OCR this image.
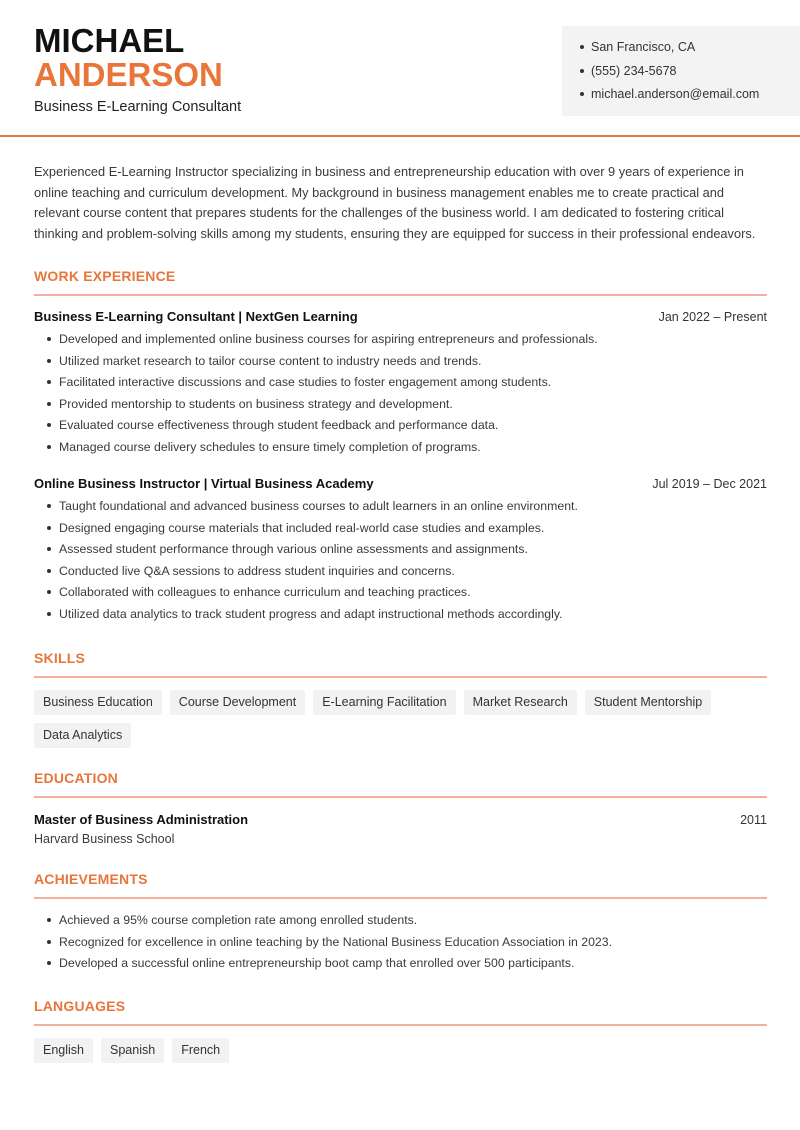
MICHAEL
ANDERSON
Business E-Learning Consultant
San Francisco, CA
(555) 234-5678
michael.anderson@email.com
Experienced E-Learning Instructor specializing in business and entrepreneurship education with over 9 years of experience in online teaching and curriculum development. My background in business management enables me to create practical and relevant course content that prepares students for the challenges of the business world. I am dedicated to fostering critical thinking and problem-solving skills among my students, ensuring they are equipped for success in their professional endeavors.
WORK EXPERIENCE
Business E-Learning Consultant | NextGen Learning	Jan 2022 – Present
Developed and implemented online business courses for aspiring entrepreneurs and professionals.
Utilized market research to tailor course content to industry needs and trends.
Facilitated interactive discussions and case studies to foster engagement among students.
Provided mentorship to students on business strategy and development.
Evaluated course effectiveness through student feedback and performance data.
Managed course delivery schedules to ensure timely completion of programs.
Online Business Instructor | Virtual Business Academy	Jul 2019 – Dec 2021
Taught foundational and advanced business courses to adult learners in an online environment.
Designed engaging course materials that included real-world case studies and examples.
Assessed student performance through various online assessments and assignments.
Conducted live Q&A sessions to address student inquiries and concerns.
Collaborated with colleagues to enhance curriculum and teaching practices.
Utilized data analytics to track student progress and adapt instructional methods accordingly.
SKILLS
Business Education	Course Development	E-Learning Facilitation	Market Research	Student Mentorship
Data Analytics
EDUCATION
Master of Business Administration	2011
Harvard Business School
ACHIEVEMENTS
Achieved a 95% course completion rate among enrolled students.
Recognized for excellence in online teaching by the National Business Education Association in 2023.
Developed a successful online entrepreneurship boot camp that enrolled over 500 participants.
LANGUAGES
English	Spanish	French
